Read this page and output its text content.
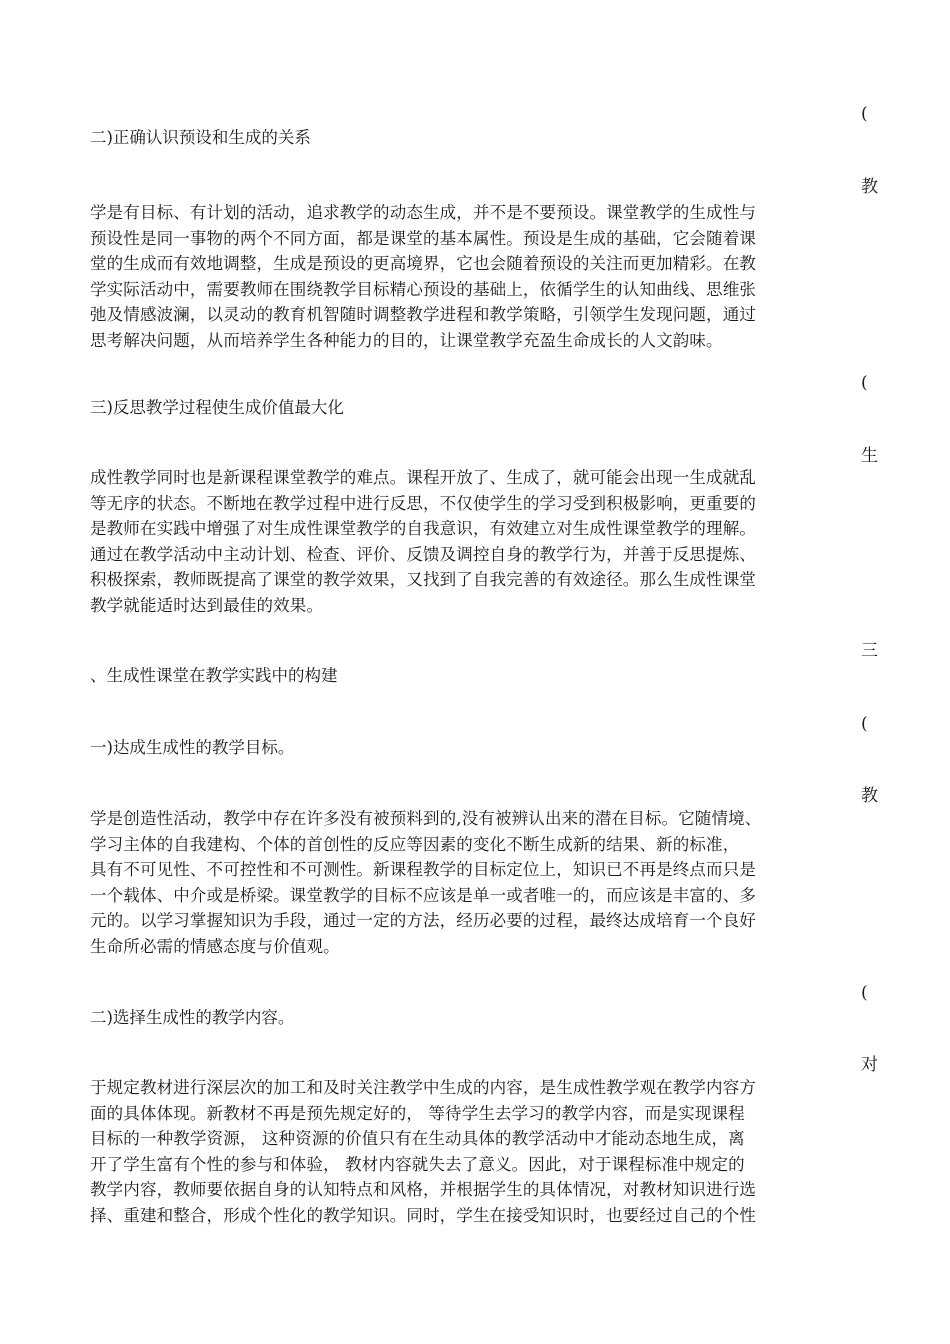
(
二)正确认识预设和生成的关系
教
学是有目标、有计划的活动，追求教学的动态生成，并不是不要预设。课堂教学的生成性与
预设性是同一事物的两个不同方面，都是课堂的基本属性。预设是生成的基础，它会随着课
堂的生成而有效地调整，生成是预设的更高境界，它也会随着预设的关注而更加精彩。在教
学实际活动中，需要教师在围绕教学目标精心预设的基础上，依循学生的认知曲线、思维张
弛及情感波澜，以灵动的教育机智随时调整教学进程和教学策略，引领学生发现问题，通过
思考解决问题，从而培养学生各种能力的目的，让课堂教学充盈生命成长的人文韵味。
(
三)反思教学过程使生成价值最大化
生
成性教学同时也是新课程课堂教学的难点。课程开放了、生成了，就可能会出现一生成就乱
等无序的状态。不断地在教学过程中进行反思，不仅使学生的学习受到积极影响，更重要的
是教师在实践中增强了对生成性课堂教学的自我意识，有效建立对生成性课堂教学的理解。
通过在教学活动中主动计划、检查、评价、反馈及调控自身的教学行为，并善于反思提炼、
积极探索，教师既提高了课堂的教学效果，又找到了自我完善的有效途径。那么生成性课堂
教学就能适时达到最佳的效果。
三
、生成性课堂在教学实践中的构建
(
一)达成生成性的教学目标。
教
学是创造性活动，教学中存在许多没有被预料到的,没有被辨认出来的潜在目标。它随情境、
学习主体的自我建构、个体的首创性的反应等因素的变化不断生成新的结果、新的标准，
具有不可见性、不可控性和不可测性。新课程教学的目标定位上，知识已不再是终点而只是
一个载体、中介或是桥梁。课堂教学的目标不应该是单一或者唯一的，而应该是丰富的、多
元的。以学习掌握知识为手段，通过一定的方法，经历必要的过程，最终达成培育一个良好
生命所必需的情感态度与价值观。
(
二)选择生成性的教学内容。
对
于规定教材进行深层次的加工和及时关注教学中生成的内容，是生成性教学观在教学内容方
面的具体体现。新教材不再是预先规定好的， 等待学生去学习的教学内容，而是实现课程
目标的一种教学资源， 这种资源的价值只有在生动具体的教学活动中才能动态地生成，离
开了学生富有个性的参与和体验， 教材内容就失去了意义。因此，对于课程标准中规定的
教学内容，教师要依据自身的认知特点和风格，并根据学生的具体情况，对教材知识进行选
择、重建和整合，形成个性化的教学知识。同时，学生在接受知识时，也要经过自己的个性
